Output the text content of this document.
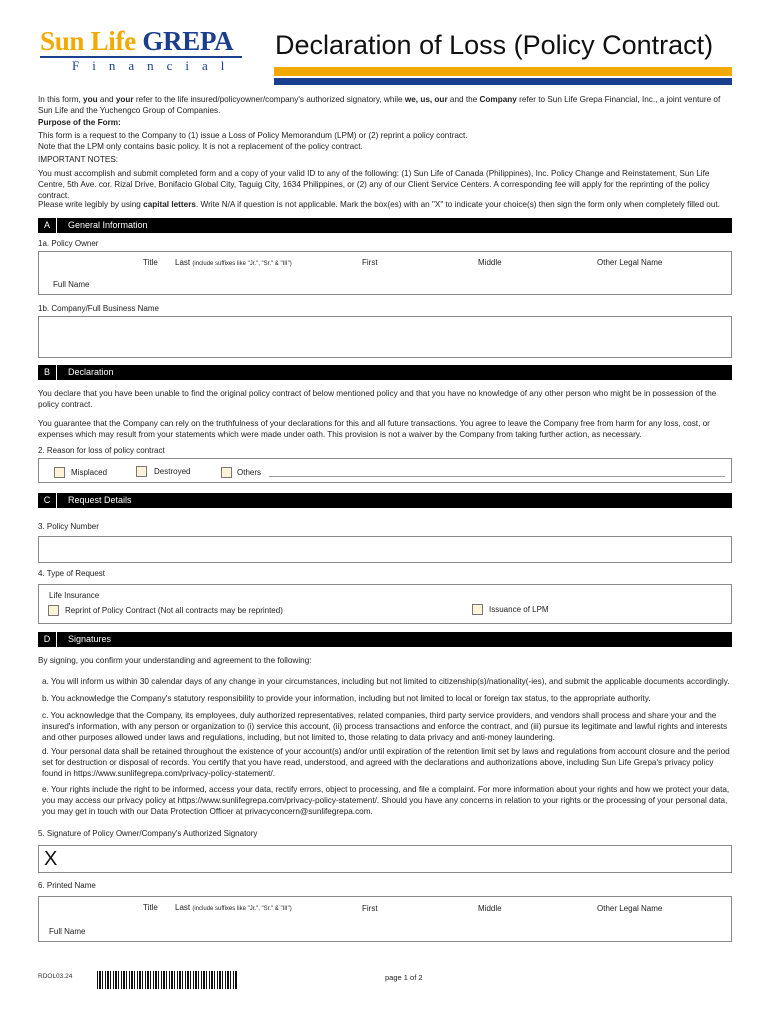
Sun Life GREPA
Financial
Declaration of Loss (Policy Contract)
In this form, you and your refer to the life insured/policyowner/company's authorized signatory, while we, us, our and the Company refer to Sun Life Grepa Financial, Inc., a joint venture of Sun Life and the Yuchengco Group of Companies.
Purpose of the Form:
This form is a request to the Company to (1) issue a Loss of Policy Memorandum (LPM) or (2) reprint a policy contract.
Note that the LPM only contains basic policy. It is not a replacement of the policy contract.
IMPORTANT NOTES:
You must accomplish and submit completed form and a copy of your valid ID to any of the following: (1) Sun Life of Canada (Philippines), Inc. Policy Change and Reinstatement, Sun Life Centre, 5th Ave. cor. Rizal Drive, Bonifacio Global City, Taguig City, 1634 Philippines, or (2) any of our Client Service Centers. A corresponding fee will apply for the reprinting of the policy contract.
Please write legibly by using capital letters. Write N/A if question is not applicable. Mark the box(es) with an "X" to indicate your choice(s) then sign the form only when completely filled out.
A	General Information
1a. Policy Owner
Title Last (include suffixes like "Jr.", "Sr." & "III")	First	Middle	Other Legal Name
Full Name
1b. Company/Full Business Name
B	Declaration
You declare that you have been unable to find the original policy contract of below mentioned policy and that you have no knowledge of any other person who might be in possession of the policy contract.
You guarantee that the Company can rely on the truthfulness of your declarations for this and all future transactions. You agree to leave the Company free from harm for any loss, cost, or expenses which may result from your statements which were made under oath. This provision is not a waiver by the Company from taking further action, as necessary.
2. Reason for loss of policy contract
Misplaced	Destroyed	Others
C	Request Details
3. Policy Number
4. Type of Request
Life Insurance
Reprint of Policy Contract (Not all contracts may be reprinted)	Issuance of LPM
D	Signatures
By signing, you confirm your understanding and agreement to the following:
a. You will inform us within 30 calendar days of any change in your circumstances, including but not limited to citizenship(s)/nationality(-ies), and submit the applicable documents accordingly.
b. You acknowledge the Company's statutory responsibility to provide your information, including but not limited to local or foreign tax status, to the appropriate authority.
c. You acknowledge that the Company, its employees, duly authorized representatives, related companies, third party service providers, and vendors shall process and share your and the insured's information, with any person or organization to (i) service this account, (ii) process transactions and enforce the contract, and (iii) pursue its legitimate and lawful rights and interests and other purposes allowed under laws and regulations, including, but not limited to, those relating to data privacy and anti-money laundering.
d. Your personal data shall be retained throughout the existence of your account(s) and/or until expiration of the retention limit set by laws and regulations from account closure and the period set for destruction or disposal of records. You certify that you have read, understood, and agreed with the declarations and authorizations above, including Sun Life Grepa's privacy policy found in https://www.sunlifegrepa.com/privacy-policy-statement/.
e. Your rights include the right to be informed, access your data, rectify errors, object to processing, and file a complaint. For more information about your rights and how we protect your data, you may access our privacy policy at https://www.sunlifegrepa.com/privacy-policy-statement/. Should you have any concerns in relation to your rights or the processing of your personal data, you may get in touch with our Data Protection Officer at privacyconcern@sunlifegrepa.com.
5. Signature of Policy Owner/Company's Authorized Signatory
X
6. Printed Name
Title Last (include suffixes like "Jr.", "Sr." & "III")	First	Middle	Other Legal Name
Full Name
RDOL03.24	page 1 of 2
